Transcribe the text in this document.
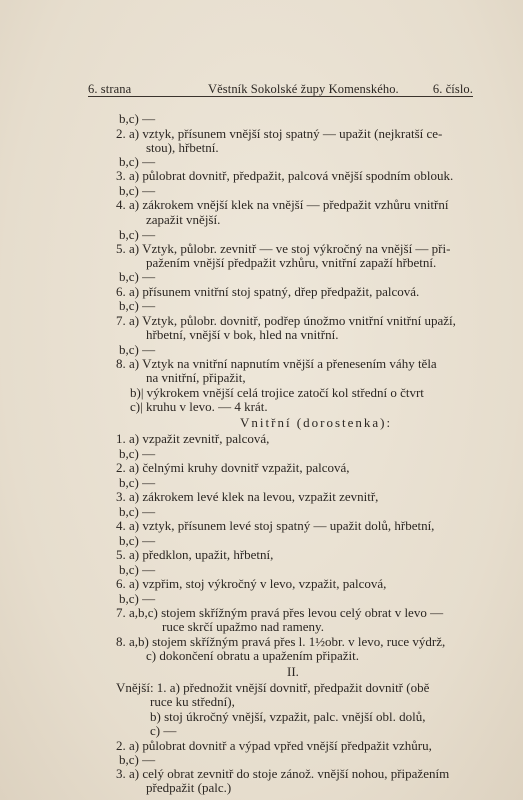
6. strana	Věstník Sokolské župy Komenského.	6. číslo.
b,c) —
2. a) vztyk, přísunem vnější stoj spatný — upažit (nejkratší ce-
stou), hřbetní.
b,c) —
3. a) půlobrat dovnitř, předpažit, palcová vnější spodním oblouk.
b,c) —
4. a) zákrokem vnější klek na vnější — předpažit vzhůru vnitřní
zapažit vnější.
b,c) —
5. a) Vztyk, půlobr. zevnitř — ve stoj výkročný na vnější — při-
pažením vnější předpažit vzhůru, vnitřní zapaží hřbetní.
b,c) —
6. a) přísunem vnitřní stoj spatný, dřep předpažit, palcová.
b,c) —
7. a) Vztyk, půlobr. dovnitř, podřep únožmo vnitřní vnitřní upaží,
hřbetní, vnější v bok, hled na vnitřní.
b,c) —
8. a) Vztyk na vnitřní napnutím vnější a přenesením váhy těla
na vnitřní, připažit,
b)| výkrokem vnější celá trojice zatočí kol střední o čtvrt
c)| kruhu v levo. — 4 krát.
Vnitřní (dorostenka):
1. a) vzpažit zevnitř, palcová,
b,c) —
2. a) čelnými kruhy dovnitř vzpažit, palcová,
b,c) —
3. a) zákrokem levé klek na levou, vzpažit zevnitř,
b,c) —
4. a) vztyk, přísunem levé stoj spatný — upažit dolů, hřbetní,
b,c) —
5. a) předklon, upažit, hřbetní,
b,c) —
6. a) vzpřim, stoj výkročný v levo, vzpažit, palcová,
b,c) —
7. a,b,c) stojem skřížným pravá přes levou celý obrat v levo —
ruce skrčí upažmo nad rameny.
8. a,b) stojem skřížným pravá přes l. 1½obr. v levo, ruce výdrž,
c) dokončení obratu a upažením připažit.
II.
Vnější: 1. a) přednožit vnější dovnitř, předpažit dovnitř (obě
ruce ku střední),
b) stoj úkročný vnější, vzpažit, palc. vnější obl. dolů,
c) —
2. a) půlobrat dovnitř a výpad vpřed vnější předpažit vzhůru,
b,c) —
3. a) celý obrat zevnitř do stoje zánož. vnější nohou, připažením
předpažit (palc.)
